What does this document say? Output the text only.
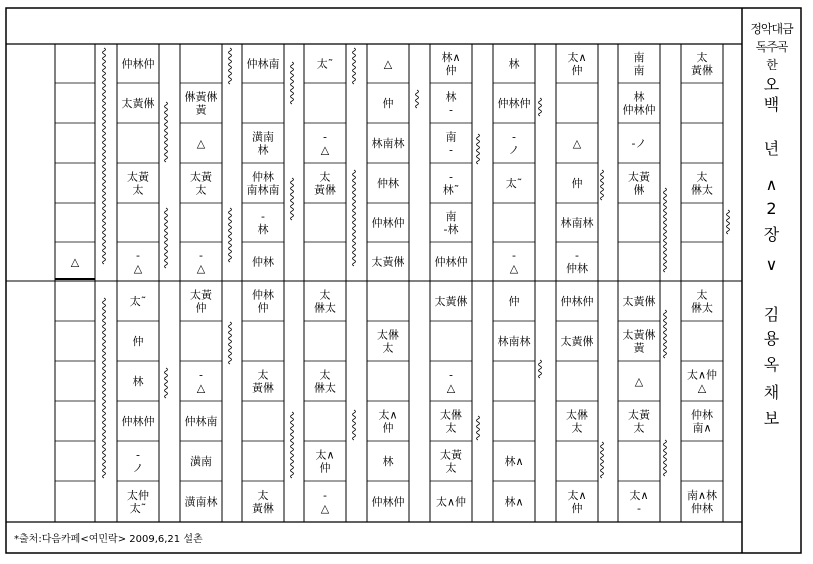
△
仲林仲
太黃㑣
太黃
太
-
△
太˜
仲
林
仲林仲
-
ノ
太仲
太˜
㑣黃㑣
黃
△
太黃
太
-
△
太黃
仲
-
△
仲林南
潢南
潢南林
仲林南
潢南
林
仲林
南林南
-
林
仲林
仲林
仲
太
黃㑣
太
黃㑣
太˜
-
△
太
黃㑣
太
㑣太
太
㑣太
太∧
仲
-
△
△
仲
林南林
仲林
仲林仲
太黃㑣
太㑣
太
太∧
仲
林
仲林仲
林∧
仲
林
-
南
-
-
林˜
南
-林
仲林仲
太黃㑣
-
△
太㑣
太
太黃
太
太∧仲
林
仲林仲
-
ノ
太˜
-
△
仲
林南林
林∧
林∧
太∧
仲
△
仲
林南林
-
仲林
仲林仲
太黃㑣
太㑣
太
太∧
仲
南
南
林
仲林仲
-ノ
太黃
㑣
太黃㑣
太黃㑣
黃
△
太黃
太
太∧
-
太
黃㑣
太
㑣太
太
㑣太
太∧仲
△
仲林
南∧
南∧林
仲林
정악대금
독주곡
한
오
백
년
∧
2
장
∨
김
용
옥
채
보
*출처:다음카페<여민락> 2009,6,21 설촌
